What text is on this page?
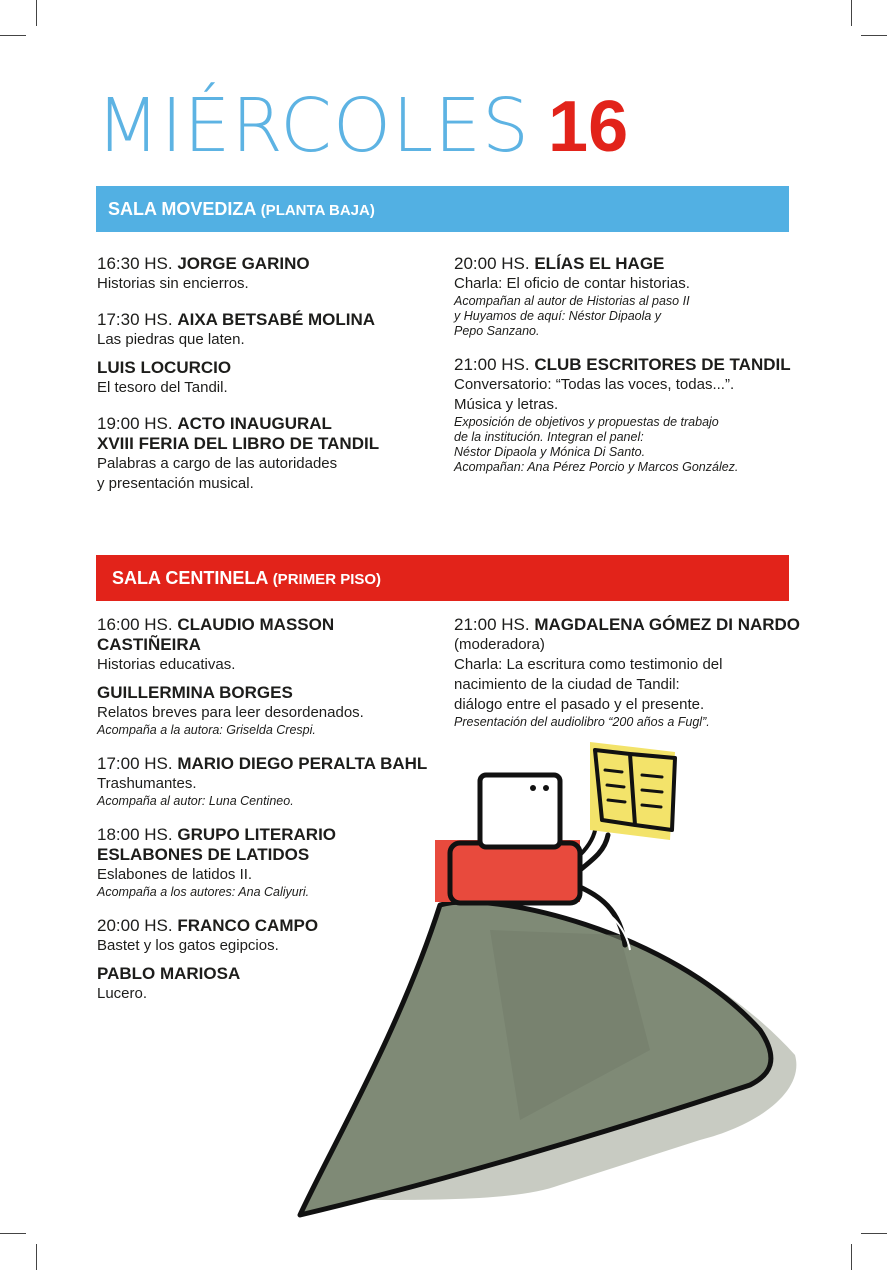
MIÉRCOLES 16
SALA MOVEDIZA (PLANTA BAJA)
16:30 HS. JORGE GARINO
Historias sin encierros.
17:30 HS. AIXA BETSABÉ MOLINA
Las piedras que laten.
LUIS LOCURCIO
El tesoro del Tandil.
19:00 HS. ACTO INAUGURAL
XVIII FERIA DEL LIBRO DE TANDIL
Palabras a cargo de las autoridades
y presentación musical.
20:00 HS. ELÍAS EL HAGE
Charla: El oficio de contar historias.
Acompañan al autor de Historias al paso II
y Huyamos de aquí: Néstor Dipaola y
Pepo Sanzano.
21:00 HS. CLUB ESCRITORES DE TANDIL
Conversatorio: “Todas las voces, todas...”.
Música y letras.
Exposición de objetivos y propuestas de trabajo
de la institución. Integran el panel:
Néstor Dipaola y Mónica Di Santo.
Acompañan: Ana Pérez Porcio y Marcos González.
SALA CENTINELA (PRIMER PISO)
16:00 HS. CLAUDIO MASSON
CASTIÑEIRA
Historias educativas.
GUILLERMINA BORGES
Relatos breves para leer desordenados.
Acompaña a la autora: Griselda Crespi.
17:00 HS. MARIO DIEGO PERALTA BAHL
Trashumantes.
Acompaña al autor: Luna Centineo.
18:00 HS. GRUPO LITERARIO
ESLABONES DE LATIDOS
Eslabones de latidos II.
Acompaña a los autores: Ana Caliyuri.
20:00 HS. FRANCO CAMPO
Bastet y los gatos egipcios.
PABLO MARIOSA
Lucero.
21:00 HS. MAGDALENA GÓMEZ DI NARDO
(moderadora)
Charla: La escritura como testimonio del
nacimiento de la ciudad de Tandil:
diálogo entre el pasado y el presente.
Presentación del audiolibro “200 años a Fugl”.
